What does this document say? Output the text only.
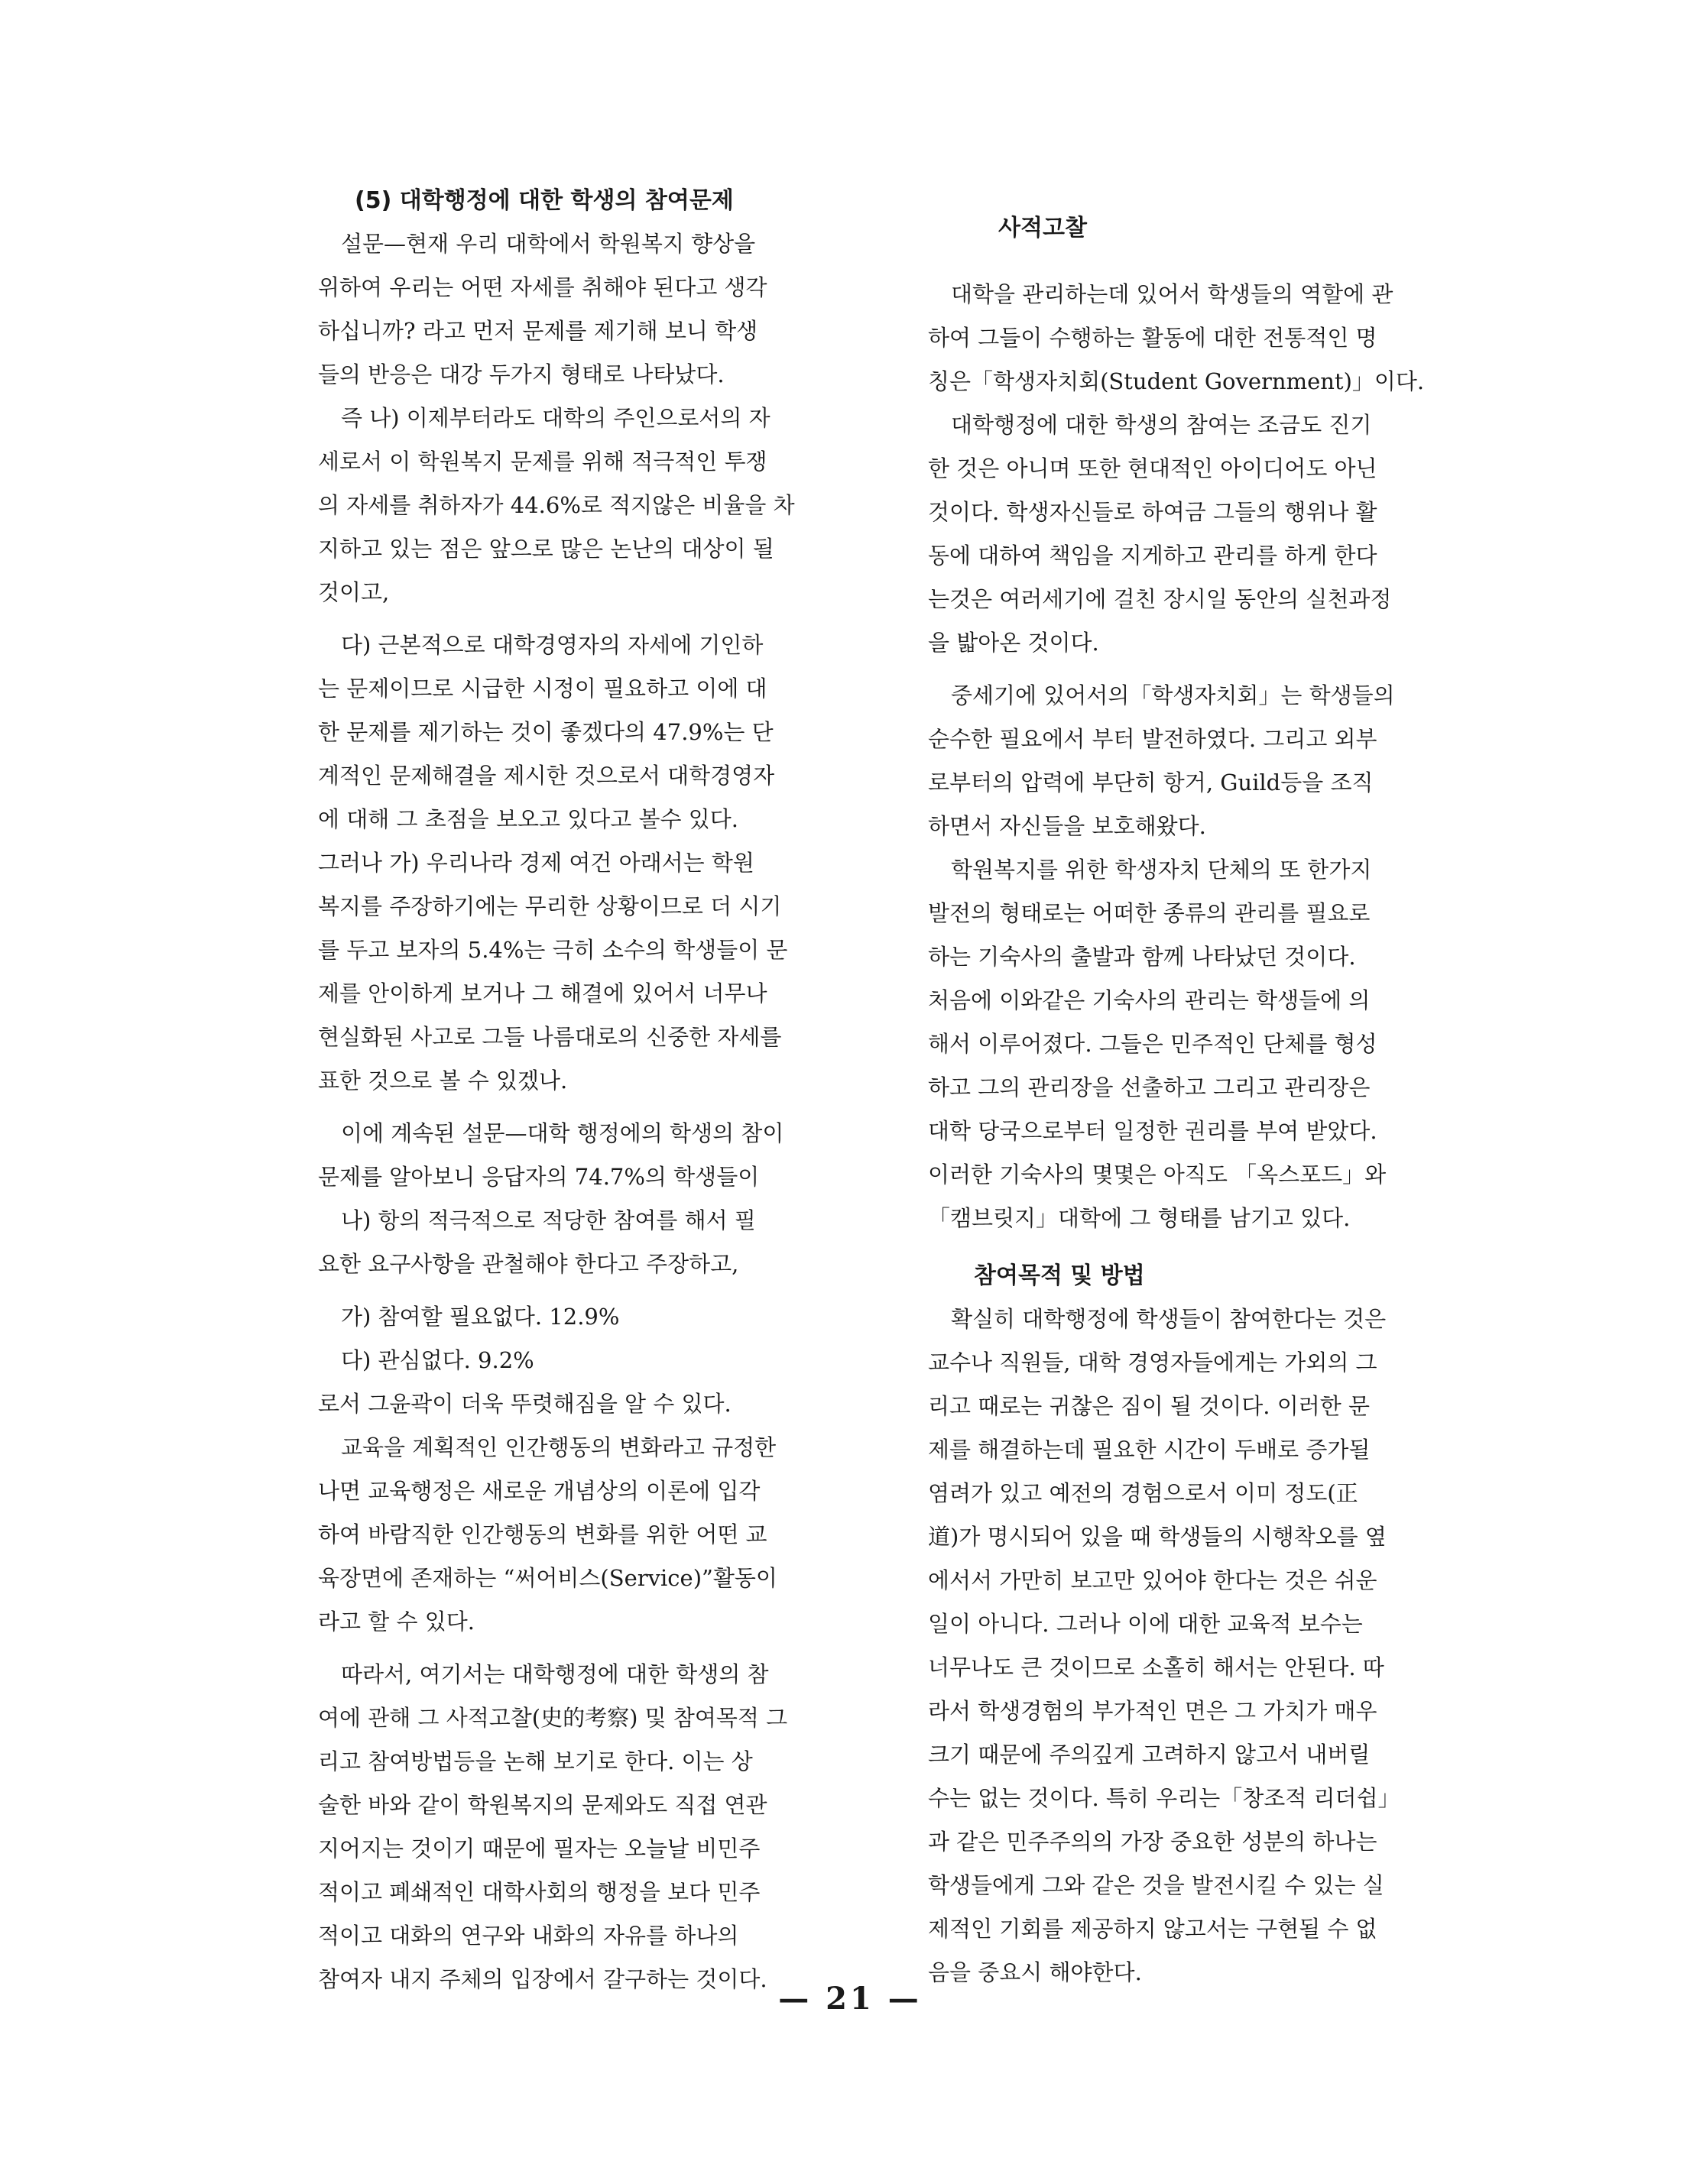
(5) 대학행정에 대한 학생의 참여문제

설문—현재 우리 대학에서 학원복지 향상을

위하여 우리는 어떤 자세를 취해야 된다고 생각

하십니까? 라고 먼저 문제를 제기해 보니 학생

들의 반응은 대강 두가지 형태로 나타났다.

즉 나) 이제부터라도 대학의 주인으로서의 자

세로서 이 학원복지 문제를 위해 적극적인 투쟁

의 자세를 취하자가 44.6%로 적지않은 비율을 차

지하고 있는 점은 앞으로 많은 논난의 대상이 될

것이고,

다) 근본적으로 대학경영자의 자세에 기인하

는 문제이므로 시급한 시정이 필요하고 이에 대

한 문제를 제기하는 것이 좋겠다의 47.9%는 단

계적인 문제해결을 제시한 것으로서 대학경영자

에 대해 그 초점을 보오고 있다고 볼수 있다.

그러나 가) 우리나라 경제 여건 아래서는 학원

복지를 주장하기에는 무리한 상황이므로 더 시기

를 두고 보자의 5.4%는 극히 소수의 학생들이 문

제를 안이하게 보거나 그 해결에 있어서 너무나

현실화된 사고로 그들 나름대로의 신중한 자세를

표한 것으로 볼 수 있겠나.

이에 계속된 설문—대학 행정에의 학생의 참이

문제를 알아보니 응답자의 74.7%의 학생들이

나) 항의 적극적으로 적당한 참여를 해서 필

요한 요구사항을 관철해야 한다고 주장하고,

가) 참여할 필요없다. 12.9%

다) 관심없다. 9.2%

로서 그윤곽이 더욱 뚜렷해짐을 알 수 있다.

교육을 계획적인 인간행동의 변화라고 규정한

나면 교육행정은 새로운 개념상의 이론에 입각

하여 바람직한 인간행동의 변화를 위한 어떤 교

육장면에 존재하는 “써어비스(Service)”활동이

라고 할 수 있다.

따라서, 여기서는 대학행정에 대한 학생의 참

여에 관해 그 사적고찰(史的考察) 및 참여목적 그

리고 참여방법등을 논해 보기로 한다. 이는 상

술한 바와 같이 학원복지의 문제와도 직접 연관

지어지는 것이기 때문에 필자는 오늘날 비민주

적이고 폐쇄적인 대학사회의 행정을 보다 민주

적이고 대화의 연구와 내화의 자유를 하나의

참여자 내지 주체의 입장에서 갈구하는 것이다.

사적고찰

대학을 관리하는데 있어서 학생들의 역할에 관

하여 그들이 수행하는 활동에 대한 전통적인 명

칭은「학생자치회(Student Government)」이다.

대학행정에 대한 학생의 참여는 조금도 진기

한 것은 아니며 또한 현대적인 아이디어도 아닌

것이다. 학생자신들로 하여금 그들의 행위나 활

동에 대하여 책임을 지게하고 관리를 하게 한다

는것은 여러세기에 걸친 장시일 동안의 실천과정

을 밟아온 것이다.

중세기에 있어서의「학생자치회」는 학생들의

순수한 필요에서 부터 발전하였다. 그리고 외부

로부터의 압력에 부단히 항거, Guild등을 조직

하면서 자신들을 보호해왔다.

학원복지를 위한 학생자치 단체의 또 한가지

발전의 형태로는 어떠한 종류의 관리를 필요로

하는 기숙사의 출발과 함께 나타났던 것이다.

처음에 이와같은 기숙사의 관리는 학생들에 의

해서 이루어졌다. 그들은 민주적인 단체를 형성

하고 그의 관리장을 선출하고 그리고 관리장은

대학 당국으로부터 일정한 권리를 부여 받았다.

이러한 기숙사의 몇몇은 아직도 「옥스포드」와

「캠브릿지」대학에 그 형태를 남기고 있다.

참여목적 및 방법

확실히 대학행정에 학생들이 참여한다는 것은

교수나 직원들, 대학 경영자들에게는 가외의 그

리고 때로는 귀찮은 짐이 될 것이다. 이러한 문

제를 해결하는데 필요한 시간이 두배로 증가될

염려가 있고 예전의 경험으로서 이미 정도(正

道)가 명시되어 있을 때 학생들의 시행착오를 옆

에서서 가만히 보고만 있어야 한다는 것은 쉬운

일이 아니다. 그러나 이에 대한 교육적 보수는

너무나도 큰 것이므로 소홀히 해서는 안된다. 따

라서 학생경험의 부가적인 면은 그 가치가 매우

크기 때문에 주의깊게 고려하지 않고서 내버릴

수는 없는 것이다. 특히 우리는「창조적 리더쉽」

과 같은 민주주의의 가장 중요한 성분의 하나는

학생들에게 그와 같은 것을 발전시킬 수 있는 실

제적인 기회를 제공하지 않고서는 구현될 수 없

음을 중요시 해야한다.

— 21 —
